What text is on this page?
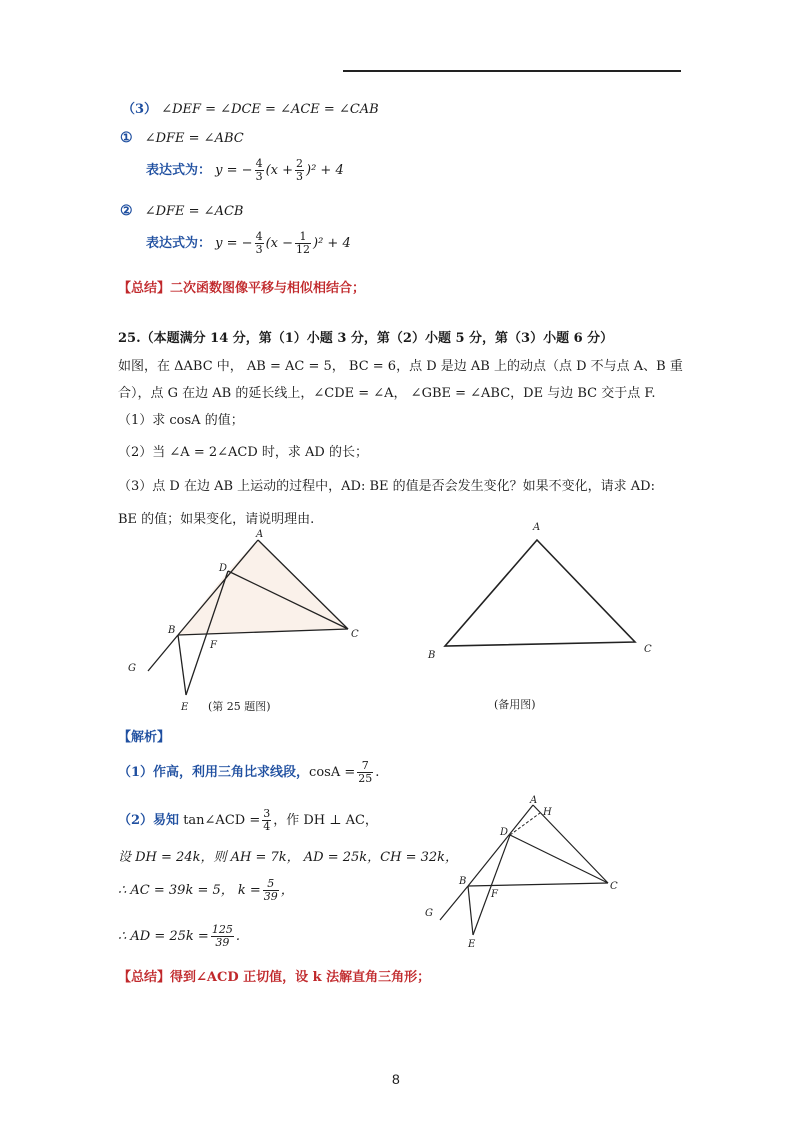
（3） ∠DEF = ∠DCE = ∠ACE = ∠CAB
① ∠DFE = ∠ABC
表达式为： y = − $\frac{4}{3} (x + \frac{2}{3} )^2 + 4$
② ∠DFE = ∠ACB
表达式为： y = − $\frac{4}{3} (x - \frac{1}{12} )^2 + 4$
【总结】二次函数图像平移与相似相结合；
25.（本题满分 14 分，第（1）小题 3 分，第（2）小题 5 分，第（3）小题 6 分）
如图，在 ΔABC 中， AB = AC = 5， BC = 6，点 D 是边 AB 上的动点（点 D 不与点 A、B 重
合），点 G 在边 AB 的延长线上，∠CDE = ∠A， ∠GBE = ∠ABC，DE 与边 BC 交于点 F.
（1）求 cosA 的值；
（2）当 ∠A = 2∠ACD 时，求 AD 的长；
（3）点 D 在边 AB 上运动的过程中，AD: BE 的值是否会发生变化？如果不变化，请求 AD:
BE 的值；如果变化，请说明理由.
A
D
B	C
F
G
E (第 25 题图)
A
B
C
(备用图)
【解析】
（1）作高，利用三角比求线段，$\cos A = \frac{7}{25}$ .
（2）易知 tan∠ACD = $\frac{3}{4}$ ，作 DH ⊥ AC，
设 DH = 24k，则 AH = 7k， AD = 25k，CH = 32k，
∴ AC = 39k = 5， $k = \frac{5}{39}$ ，
∴ AD = $25k = \frac{125}{39}$ .
A
H
D
B	C
F
G
E
【总结】得到∠ACD 正切值，设 k 法解直角三角形；
8
